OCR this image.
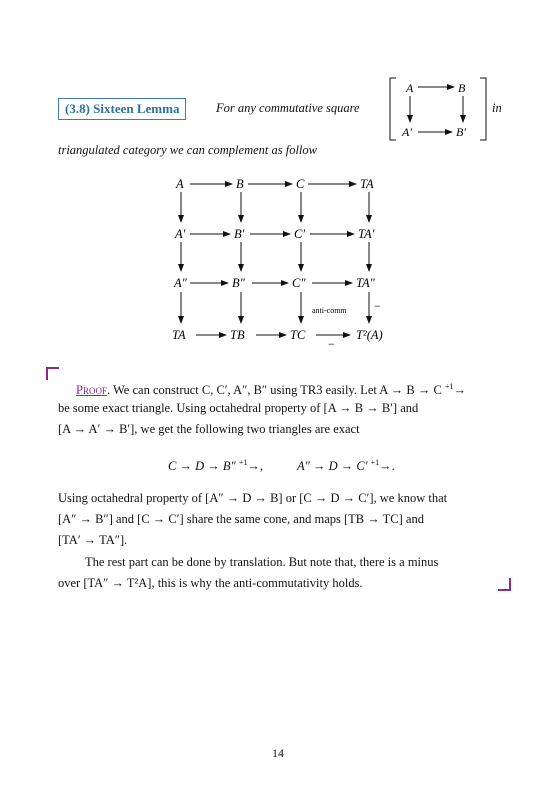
(3.8) Sixteen Lemma	For any commutative square	in
triangulated category we can complement as follow
A	B
A′	B′
A	B	C	TA
A′	B′	C′	TA′
A″	B″	C″	TA″
TA	TB	TC	T²(A)
anti-comm −
−
Proof. We can construct C, C′, A″, B″ using TR3 easily. Let A → B → C $^{+1}$→
be some exact triangle. Using octahedral property of [A → B → B′] and
[A → A′ → B′], we get the following two triangles are exact
C → D → B″ $^{+1}$→,	A″ → D → C′ $^{+1}$→.
Using octahedral property of [A″ → D → B] or [C → D → C′], we know that
[A″ → B″] and [C → C′] share the same cone, and maps [TB → TC] and
[TA′ → TA″].
The rest part can be done by translation. But note that, there is a minus
over [TA″ → T²A], this is why the anti-commutativity holds.
14
